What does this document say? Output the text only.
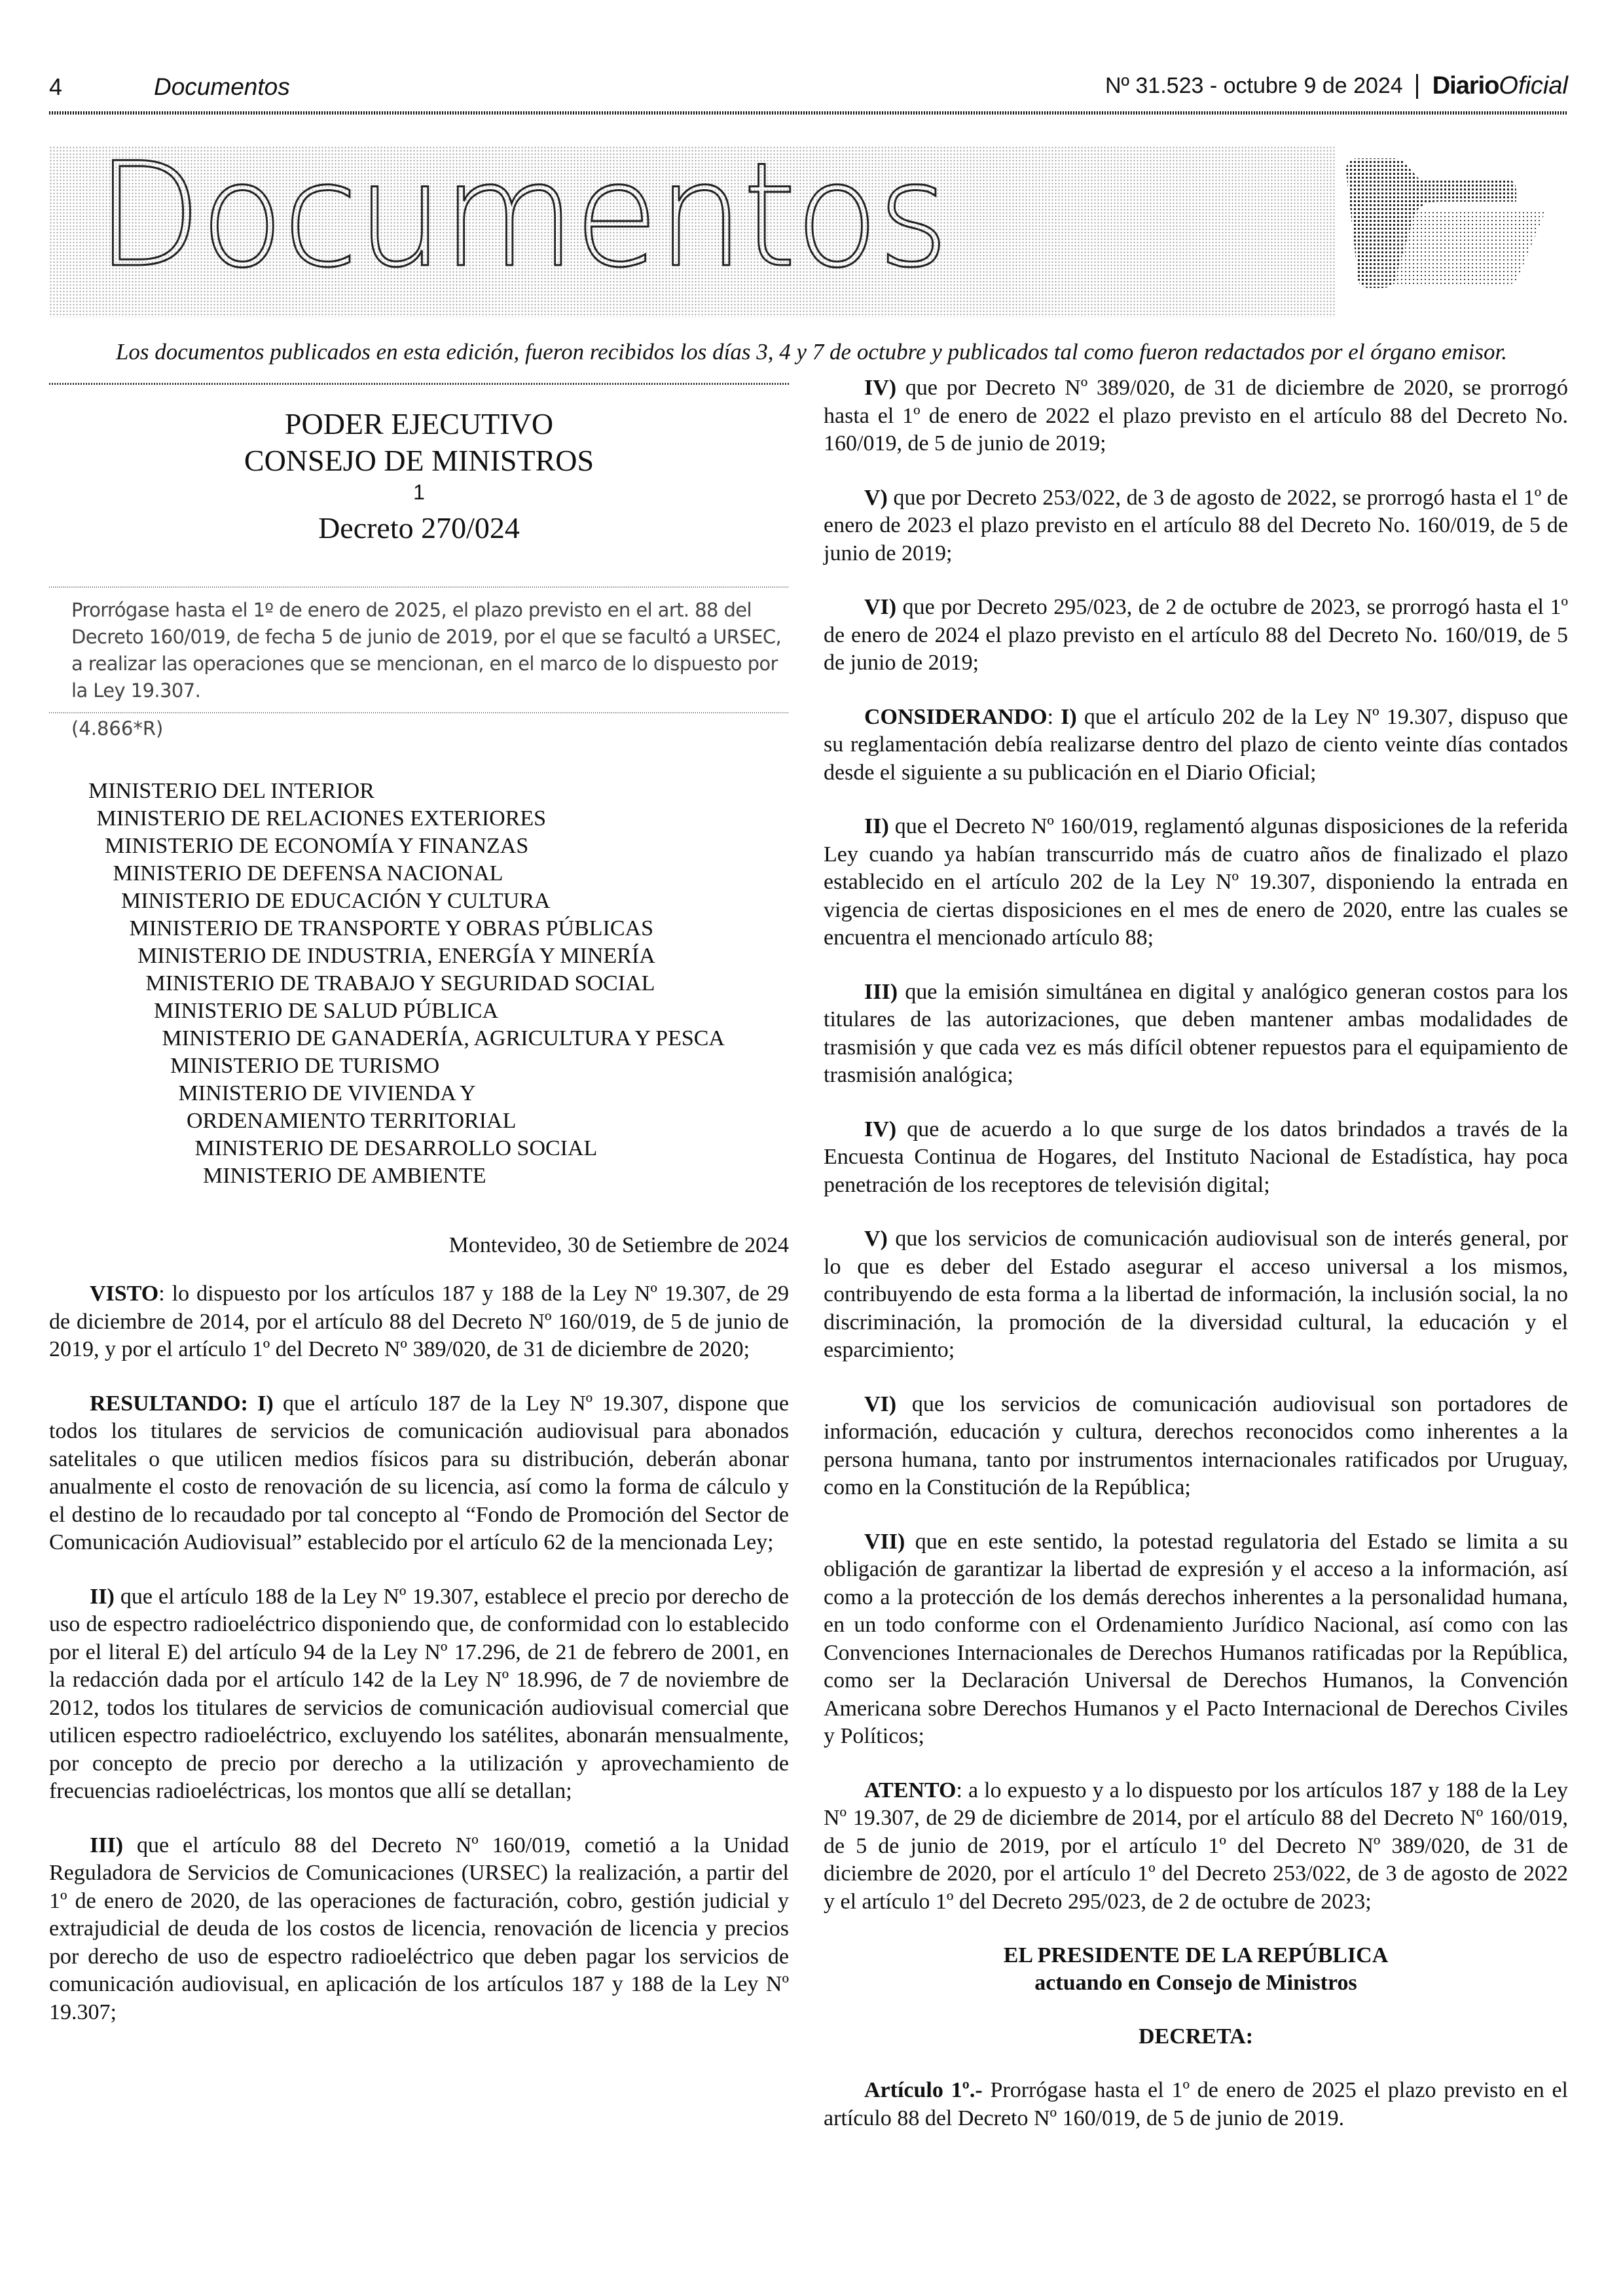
4	Documentos	Nº 31.523 - octubre 9 de 2024 Diario Oficial
Documentos
Los documentos publicados en esta edición, fueron recibidos los días 3, 4 y 7 de octubre y publicados tal como fueron redactados por el órgano emisor.
PODER EJECUTIVO
CONSEJO DE MINISTROS
1
Decreto 270/024
Prorrógase hasta el 1º de enero de 2025, el plazo previsto en el art. 88 del Decreto 160/019, de fecha 5 de junio de 2019, por el que se facultó a URSEC, a realizar las operaciones que se mencionan, en el marco de lo dispuesto por la Ley 19.307.
(4.866*R)
MINISTERIO DEL INTERIOR
MINISTERIO DE RELACIONES EXTERIORES
MINISTERIO DE ECONOMÍA Y FINANZAS
MINISTERIO DE DEFENSA NACIONAL
MINISTERIO DE EDUCACIÓN Y CULTURA
MINISTERIO DE TRANSPORTE Y OBRAS PÚBLICAS
MINISTERIO DE INDUSTRIA, ENERGÍA Y MINERÍA
MINISTERIO DE TRABAJO Y SEGURIDAD SOCIAL
MINISTERIO DE SALUD PÚBLICA
MINISTERIO DE GANADERÍA, AGRICULTURA Y PESCA
MINISTERIO DE TURISMO
MINISTERIO DE VIVIENDA Y
ORDENAMIENTO TERRITORIAL
MINISTERIO DE DESARROLLO SOCIAL
MINISTERIO DE AMBIENTE
Montevideo, 30 de Setiembre de 2024

VISTO: lo dispuesto por los artículos 187 y 188 de la Ley Nº 19.307, de 29 de diciembre de 2014, por el artículo 88 del Decreto Nº 160/019, de 5 de junio de 2019, y por el artículo 1º del Decreto Nº 389/020, de 31 de diciembre de 2020;

RESULTANDO: I) que el artículo 187 de la Ley Nº 19.307, dispone que todos los titulares de servicios de comunicación audiovisual para abonados satelitales o que utilicen medios físicos para su distribución, deberán abonar anualmente el costo de renovación de su licencia, así como la forma de cálculo y el destino de lo recaudado por tal concepto al “Fondo de Promoción del Sector de Comunicación Audiovisual” establecido por el artículo 62 de la mencionada Ley;

II) que el artículo 188 de la Ley Nº 19.307, establece el precio por derecho de uso de espectro radioeléctrico disponiendo que, de conformidad con lo establecido por el literal E) del artículo 94 de la Ley Nº 17.296, de 21 de febrero de 2001, en la redacción dada por el artículo 142 de la Ley Nº 18.996, de 7 de noviembre de 2012, todos los titulares de servicios de comunicación audiovisual comercial que utilicen espectro radioeléctrico, excluyendo los satélites, abonarán mensualmente, por concepto de precio por derecho a la utilización y aprovechamiento de frecuencias radioeléctricas, los montos que allí se detallan;

III) que el artículo 88 del Decreto Nº 160/019, cometió a la Unidad Reguladora de Servicios de Comunicaciones (URSEC) la realización, a partir del 1º de enero de 2020, de las operaciones de facturación, cobro, gestión judicial y extrajudicial de deuda de los costos de licencia, renovación de licencia y precios por derecho de uso de espectro radioeléctrico que deben pagar los servicios de comunicación audiovisual, en aplicación de los artículos 187 y 188 de la Ley Nº 19.307;

IV) que por Decreto Nº 389/020, de 31 de diciembre de 2020, se prorrogó hasta el 1º de enero de 2022 el plazo previsto en el artículo 88 del Decreto No. 160/019, de 5 de junio de 2019;

V) que por Decreto 253/022, de 3 de agosto de 2022, se prorrogó hasta el 1º de enero de 2023 el plazo previsto en el artículo 88 del Decreto No. 160/019, de 5 de junio de 2019;

VI) que por Decreto 295/023, de 2 de octubre de 2023, se prorrogó hasta el 1º de enero de 2024 el plazo previsto en el artículo 88 del Decreto No. 160/019, de 5 de junio de 2019;

CONSIDERANDO: I) que el artículo 202 de la Ley Nº 19.307, dispuso que su reglamentación debía realizarse dentro del plazo de ciento veinte días contados desde el siguiente a su publicación en el Diario Oficial;

II) que el Decreto Nº 160/019, reglamentó algunas disposiciones de la referida Ley cuando ya habían transcurrido más de cuatro años de finalizado el plazo establecido en el artículo 202 de la Ley Nº 19.307, disponiendo la entrada en vigencia de ciertas disposiciones en el mes de enero de 2020, entre las cuales se encuentra el mencionado artículo 88;

III) que la emisión simultánea en digital y analógico generan costos para los titulares de las autorizaciones, que deben mantener ambas modalidades de trasmisión y que cada vez es más difícil obtener repuestos para el equipamiento de trasmisión analógica;

IV) que de acuerdo a lo que surge de los datos brindados a través de la Encuesta Continua de Hogares, del Instituto Nacional de Estadística, hay poca penetración de los receptores de televisión digital;

V) que los servicios de comunicación audiovisual son de interés general, por lo que es deber del Estado asegurar el acceso universal a los mismos, contribuyendo de esta forma a la libertad de información, la inclusión social, la no discriminación, la promoción de la diversidad cultural, la educación y el esparcimiento;

VI) que los servicios de comunicación audiovisual son portadores de información, educación y cultura, derechos reconocidos como inherentes a la persona humana, tanto por instrumentos internacionales ratificados por Uruguay, como en la Constitución de la República;

VII) que en este sentido, la potestad regulatoria del Estado se limita a su obligación de garantizar la libertad de expresión y el acceso a la información, así como a la protección de los demás derechos inherentes a la personalidad humana, en un todo conforme con el Ordenamiento Jurídico Nacional, así como con las Convenciones Internacionales de Derechos Humanos ratificadas por la República, como ser la Declaración Universal de Derechos Humanos, la Convención Americana sobre Derechos Humanos y el Pacto Internacional de Derechos Civiles y Políticos;

ATENTO: a lo expuesto y a lo dispuesto por los artículos 187 y 188 de la Ley Nº 19.307, de 29 de diciembre de 2014, por el artículo 88 del Decreto Nº 160/019, de 5 de junio de 2019, por el artículo 1º del Decreto Nº 389/020, de 31 de diciembre de 2020, por el artículo 1º del Decreto 253/022, de 3 de agosto de 2022 y el artículo 1º del Decreto 295/023, de 2 de octubre de 2023;

EL PRESIDENTE DE LA REPÚBLICA
actuando en Consejo de Ministros
DECRETA:

Artículo 1º.- Prorrógase hasta el 1º de enero de 2025 el plazo previsto en el artículo 88 del Decreto Nº 160/019, de 5 de junio de 2019.
